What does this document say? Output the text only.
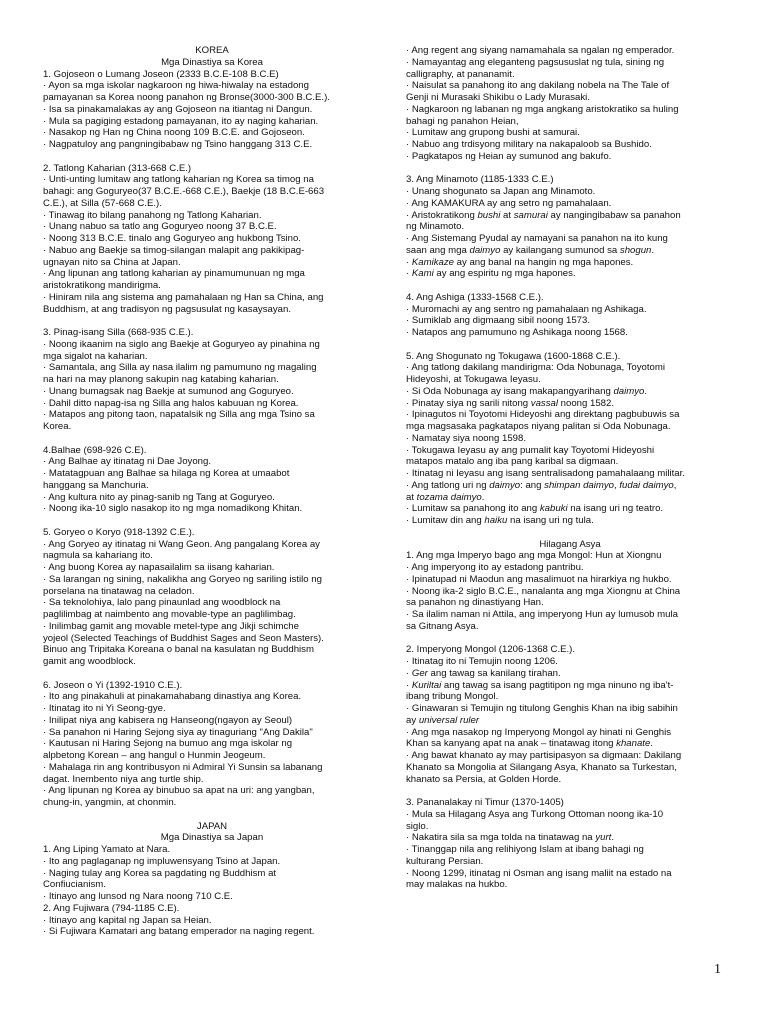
KOREA
Mga Dinastiya sa Korea
1. Gojoseon o Lumang Joseon (2333 B.C.E-108 B.C.E)
· Ayon sa mga iskolar nagkaroon ng hiwa-hiwalay na estadong
pamayanan sa Korea noong panahon ng Bronse(3000-300 B.C.E.).
· Isa sa pinakamalakas ay ang Gojoseon na itiantag ni Dangun.
· Mula sa pagiging estadong pamayanan, ito ay naging kaharian.
· Nasakop ng Han ng China noong 109 B.C.E. and Gojoseon.
· Nagpatuloy ang pangningibabaw ng Tsino hanggang 313 C.E.
2. Tatlong Kaharian (313-668 C.E.)
· Unti-unting lumitaw ang tatlong kaharian ng Korea sa timog na
bahagi: ang Goguryeo(37 B.C.E.-668 C.E.), Baekje (18 B.C.E-663
C.E.), at Silla (57-668 C.E.).
· Tinawag ito bilang panahong ng Tatlong Kaharian.
· Unang nabuo sa tatlo ang Goguryeo noong 37 B.C.E.
· Noong 313 B.C.E. tinalo ang Goguryeo ang hukbong Tsino.
· Nabuo ang Baekje sa timog-silangan malapit ang pakikipag-
ugnayan nito sa China at Japan.
· Ang lipunan ang tatlong kaharian ay pinamumunuan ng mga
aristokratikong mandirigma.
· Hiniram nila ang sistema ang pamahalaan ng Han sa China, ang
Buddhism, at ang tradisyon ng pagsusulat ng kasaysayan.
3. Pinag-isang Silla (668-935 C.E.).
· Noong ikaanim na siglo ang Baekje at Goguryeo ay pinahina ng
mga sigalot na kaharian.
· Samantala, ang Silla ay nasa ilalim ng pamumuno ng magaling
na hari na may planong sakupin nag katabing kaharian.
· Unang bumagsak nag Baekje at sumunod ang Goguryeo.
· Dahil ditto napag-isa ng Silla ang halos kabuuan ng Korea.
· Matapos ang pitong taon, napatalsik ng Silla ang mga Tsino sa
Korea.
4.Balhae (698-926 C.E).
· Ang Balhae ay itinatag ni Dae Joyong.
· Matatagpuan ang Balhae sa hilaga ng Korea at umaabot
hanggang sa Manchuria.
· Ang kultura nito ay pinag-sanib ng Tang at Goguryeo.
· Noong ika-10 siglo nasakop ito ng mga nomadikong Khitan.
5. Goryeo o Koryo (918-1392 C.E.).
· Ang Goryeo ay itinatag ni Wang Geon. Ang pangalang Korea ay
nagmula sa kahariang ito.
· Ang buong Korea ay napasailalim sa iisang kaharian.
· Sa larangan ng sining, nakalikha ang Goryeo ng sariling istilo ng
porselana na tinatawag na celadon.
· Sa teknolohiya, lalo pang pinaunlad ang woodblock na
paglilimbag at naimbento ang movable-type an paglilimbag.
· Inilimbag gamit ang movable metel-type ang Jikji schimche
yojeol (Selected Teachings of Buddhist Sages and Seon Masters).
Binuo ang Tripitaka Koreana o banal na kasulatan ng Buddhism
gamit ang woodblock.
6. Joseon o Yi (1392-1910 C.E.).
· Ito ang pinakahuli at pinakamahabang dinastiya ang Korea.
· Itinatag ito ni Yi Seong-gye.
· Inilipat niya ang kabisera ng Hanseong(ngayon ay Seoul)
· Sa panahon ni Haring Sejong siya ay tinaguriang "Ang Dakila"
· Kautusan ni Haring Sejong na bumuo ang mga iskolar ng
alpbetong Korean – ang hangul o Hunmin Jeogeum.
· Mahalaga rin ang kontribusyon ni Admiral Yi Sunsin sa labanang
dagat. Inembento niya ang turtle ship.
· Ang lipunan ng Korea ay binubuo sa apat na uri: ang yangban,
chung-in, yangmin, at chonmin.
JAPAN
Mga Dinastiya sa Japan
1. Ang Liping Yamato at Nara.
· Ito ang paglaganap ng impluwensyang Tsino at Japan.
· Naging tulay ang Korea sa pagdating ng Buddhism at
Confiucianism.
· Itinayo ang lunsod ng Nara noong 710 C.E.
2. Ang Fujiwara (794-1185 C.E).
· Itinayo ang kapital ng Japan sa Heian.
· Si Fujiwara Kamatari ang batang emperador na naging regent.
· Ang regent ang siyang namamahala sa ngalan ng emperador.
· Namayantag ang eleganteng pagsususlat ng tula, sining ng
calligraphy, at pananamit.
· Naisulat sa panahong ito ang dakilang nobela na The Tale of
Genji ni Murasaki Shikibu o Lady Murasaki.
· Nagkaroon ng labanan ng mga angkang aristokratiko sa huling
bahagi ng panahon Heian,
· Lumitaw ang grupong bushi at samurai.
· Nabuo ang trdisyong military na nakapaloob sa Bushido.
· Pagkatapos ng Heian ay sumunod ang bakufo.
3. Ang Minamoto (1185-1333 C.E.)
· Unang shogunato sa Japan ang Minamoto.
· Ang KAMAKURA ay ang setro ng pamahalaan.
· Aristokratikong bushi at samurai ay nangingibabaw sa panahon
ng Minamoto.
· Ang Sistemang Pyudal ay namayani sa panahon na ito kung
saan ang mga daimyo ay kailangang sumunod sa shogun.
· Kamikaze ay ang banal na hangin ng mga hapones.
· Kami ay ang espiritu ng mga hapones.
4. Ang Ashiga (1333-1568 C.E.).
· Muromachi ay ang sentro ng pamahalaan ng Ashikaga.
· Sumiklab ang digmaang sibil noong 1573.
· Natapos ang pamumuno ng Ashikaga noong 1568.
5. Ang Shogunato ng Tokugawa (1600-1868 C.E.).
· Ang tatlong dakilang mandirigma: Oda Nobunaga, Toyotomi
Hideyoshi, at Tokugawa Ieyasu.
· Si Oda Nobunaga ay isang makapangyarihang daimyo.
· Pinatay siya ng sarili nitong vassal noong 1582.
· Ipinagutos ni Toyotomi Hideyoshi ang direktang pagbubuwis sa
mga magsasaka pagkatapos niyang palitan si Oda Nobunaga.
· Namatay siya noong 1598.
· Tokugawa Ieyasu ay ang pumalit kay Toyotomi Hideyoshi
matapos matalo ang iba pang karibal sa digmaan.
· Itinatag ni Ieyasu ang isang sentralisadong pamahalaang militar.
· Ang tatlong uri ng daimyo: ang shimpan daimyo, fudai daimyo,
at tozama daimyo.
· Lumitaw sa panahong ito ang kabuki na isang uri ng teatro.
· Lumitaw din ang haiku na isang uri ng tula.
Hilagang Asya
1. Ang mga Imperyo bago ang mga Mongol: Hun at Xiongnu
· Ang imperyong ito ay estadong pantribu.
· Ipinatupad ni Maodun ang masalimuot na hirarkiya ng hukbo.
· Noong ika-2 siglo B.C.E., nanalanta ang mga Xiongnu at China
sa panahon ng dinastiyang Han.
· Sa ilalim naman ni Attila, ang imperyong Hun ay lumusob mula
sa Gitnang Asya.
2. Imperyong Mongol (1206-1368 C.E.).
· Itinatag ito ni Temujin noong 1206.
· Ger ang tawag sa kanilang tirahan.
· Kuriltai ang tawag sa isang pagtitipon ng mga ninuno ng iba't-
ibang tribung Mongol.
· Ginawaran si Temujin ng titulong Genghis Khan na ibig sabihin
ay universal ruler
· Ang mga nasakop ng Imperyong Mongol ay hinati ni Genghis
Khan sa kanyang apat na anak – tinatawag itong khanate.
· Ang bawat khanato ay may partisipasyon sa digmaan: Dakilang
Khanato sa Mongolia at Silangang Asya, Khanato sa Turkestan,
khanato sa Persia, at Golden Horde.
3. Pananalakay ni Timur (1370-1405)
· Mula sa Hilagang Asya ang Turkong Ottoman noong ika-10
siglo.
· Nakatira sila sa mga tolda na tinatawag na yurt.
· Tinanggap nila ang relihiyong Islam at ibang bahagi ng
kulturang Persian.
· Noong 1299, itinatag ni Osman ang isang maliit na estado na
may malakas na hukbo.
1
